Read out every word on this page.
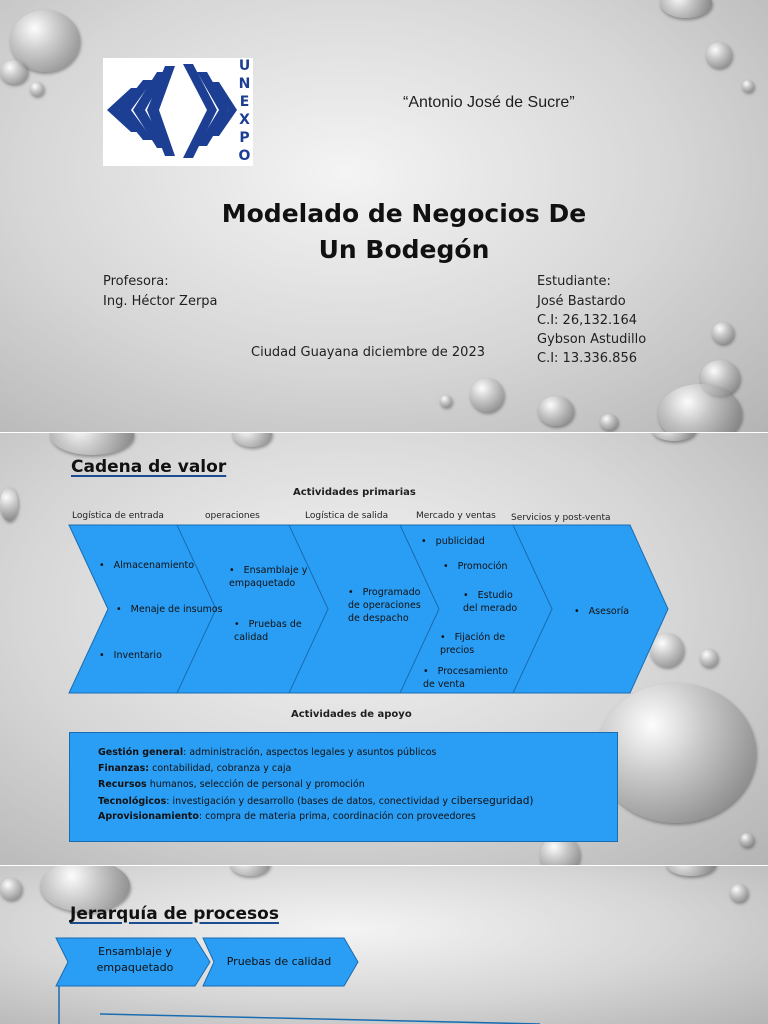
U
N
E
X
P
O
“Antonio José de Sucre”
Modelado de Negocios De
Un Bodegón
Profesora:
Ing. Héctor Zerpa
Estudiante:
José Bastardo
C.I: 26,132.164
Gybson Astudillo
C.I: 13.336.856
Ciudad Guayana diciembre de 2023
Cadena de valor
Actividades primarias
Logística de entrada	operaciones	Logística de salida	Mercado y ventas Servicios y post-venta
• Almacenamiento
• Menaje de insumos
• Inventario
• Ensamblaje y empaquetado
• Pruebas de calidad
• Programado de operaciones de despacho
• publicidad
• Promoción
• Estudio del merado
• Fijación de precios
• Procesamiento de venta
• Asesoría
Actividades de apoyo
Gestión general: administración, aspectos legales y asuntos públicos
Finanzas: contabilidad, cobranza y caja
Recursos humanos, selección de personal y promoción
Tecnológicos: investigación y desarrollo (bases de datos, conectividad y ciberseguridad)
Aprovisionamiento: compra de materia prima, coordinación con proveedores
Jerarquía de procesos
Ensamblaje y empaquetado	Pruebas de calidad
